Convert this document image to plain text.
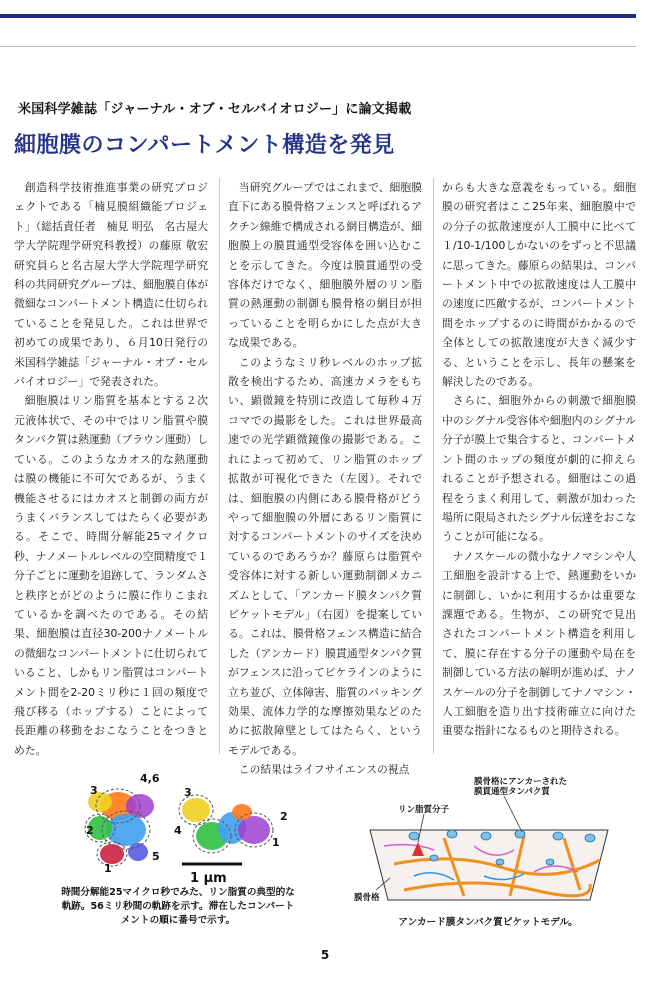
米国科学雑誌「ジャーナル・オブ・セルバイオロジー」に論文掲載
細胞膜のコンパートメント構造を発見

創造科学技術推進事業の研究プロジェクトである「楠見膜組織能プロジェト」（総括責任者　楠見 明弘　名古屋大学大学院理学研究科教授）の藤原 敬宏研究員らと名古屋大学大学院理学研究科の共同研究グループは、細胞膜自体が微細なコンパートメント構造に仕切られていることを発見した。これは世界で初めての成果であり、６月10日発行の米国科学雑誌「ジャーナル・オブ・セルバイオロジー」で発表された。

細胞膜はリン脂質を基本とする２次元液体状で、その中ではリン脂質や膜タンパク質は熱運動（ブラウン運動）している。このようなカオス的な熱運動は膜の機能に不可欠であるが、うまく機能させるにはカオスと制御の両方がうまくバランスしてはたらく必要がある。そこで、時間分解能25マイクロ秒、ナノメートルレベルの空間精度で１分子ごとに運動を追跡して、ランダムさと秩序とがどのように膜に作りこまれているかを調べたのである。その結果、細胞膜は直径30-200ナノメートルの微細なコンパートメントに仕切られていること、しかもリン脂質はコンパートメント間を2-20ミリ秒に１回の頻度で飛び移る（ホップする）ことによって長距離の移動をおこなうことをつきとめた。

当研究グループではこれまで、細胞膜直下にある膜骨格フェンスと呼ばれるアクチン線維で構成される網目構造が、細胞膜上の膜貫通型受容体を囲い込むことを示してきた。今度は膜貫通型の受容体だけでなく、細胞膜外層のリン脂質の熱運動の制御も膜骨格の網目が担っていることを明らかにした点が大きな成果である。

このようなミリ秒レベルのホップ拡散を検出するため、高速カメラをもちい、顕微鏡を特別に改造して毎秒４万コマでの撮影をした。これは世界最高速での光学顕微鏡像の撮影である。これによって初めて、リン脂質のホップ拡散が可視化できた（左図）。それでは、細胞膜の内側にある膜骨格がどうやって細胞膜の外層にあるリン脂質に対するコンパートメントのサイズを決めているのであろうか？藤原らは脂質や受容体に対する新しい運動制御メカニズムとして、「アンカード膜タンパク質ピケットモデル」（右図）を提案している。これは、膜骨格フェンス構造に結合した（アンカード）膜貫通型タンパク質がフェンスに沿ってピケラインのように立ち並び、立体障害、脂質のパッキング効果、流体力学的な摩擦効果などのために拡散障壁としてはたらく、というモデルである。

この結果はライフサイエンスの視点

からも大きな意義をもっている。細胞膜の研究者はここ25年来、細胞膜中での分子の拡散速度が人工膜中に比べて１/10-1/100しかないのをずっと不思議に思ってきた。藤原らの結果は、コンパートメント中での拡散速度は人工膜中の速度に匹敵するが、コンパートメント間をホップするのに時間がかかるので全体としての拡散速度が大きく減少する、ということを示し、長年の懸案を解決したのである。

さらに、細胞外からの刺激で細胞膜中のシグナル受容体や細胞内のシグナル分子が膜上で集合すると、コンパートメント間のホップの頻度が劇的に抑えられることが予想される。細胞はこの過程をうまく利用して、刺激が加わった場所に限局されたシグナル伝達をおこなうことが可能になる。

ナノスケールの微小なナノマシンや人工細胞を設計する上で、熱運動をいかに制御し、いかに利用するかは重要な課題である。生物が、この研究で見出されたコンパートメント構造を利用して、膜に存在する分子の運動や局在を制御している方法の解明が進めば、ナノスケールの分子を制御してナノマシン・人工細胞を造り出す技術確立に向けた重要な指針になるものと期待される。

3
4,6
2
1
5
4
3
2
1
1 μm
時間分解能25マイクロ秒でみた、リン脂質の典型的な軌跡。56ミリ秒間の軌跡を示す。滞在したコンパートメントの順に番号で示す。
膜骨格にアンカーされた
膜貫通型タンパク質
リン脂質分子
膜骨格
アンカード膜タンパク質ピケットモデル。
5
